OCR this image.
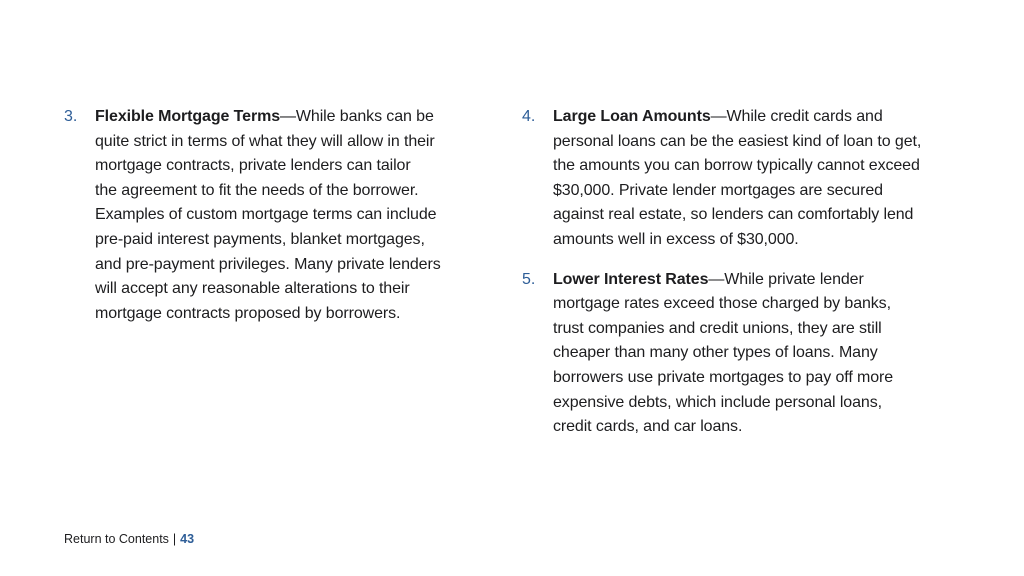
3.	Flexible Mortgage Terms—While banks can be
quite strict in terms of what they will allow in their
mortgage contracts, private lenders can tailor
the agreement to fit the needs of the borrower.
Examples of custom mortgage terms can include
pre-paid interest payments, blanket mortgages,
and pre-payment privileges. Many private lenders
will accept any reasonable alterations to their
mortgage contracts proposed by borrowers.
4.	Large Loan Amounts—While credit cards and
personal loans can be the easiest kind of loan to get,
the amounts you can borrow typically cannot exceed
$30,000. Private lender mortgages are secured
against real estate, so lenders can comfortably lend
amounts well in excess of $30,000.
5.	Lower Interest Rates—While private lender
mortgage rates exceed those charged by banks,
trust companies and credit unions, they are still
cheaper than many other types of loans. Many
borrowers use private mortgages to pay off more
expensive debts, which include personal loans,
credit cards, and car loans.
Return to Contents | 43
